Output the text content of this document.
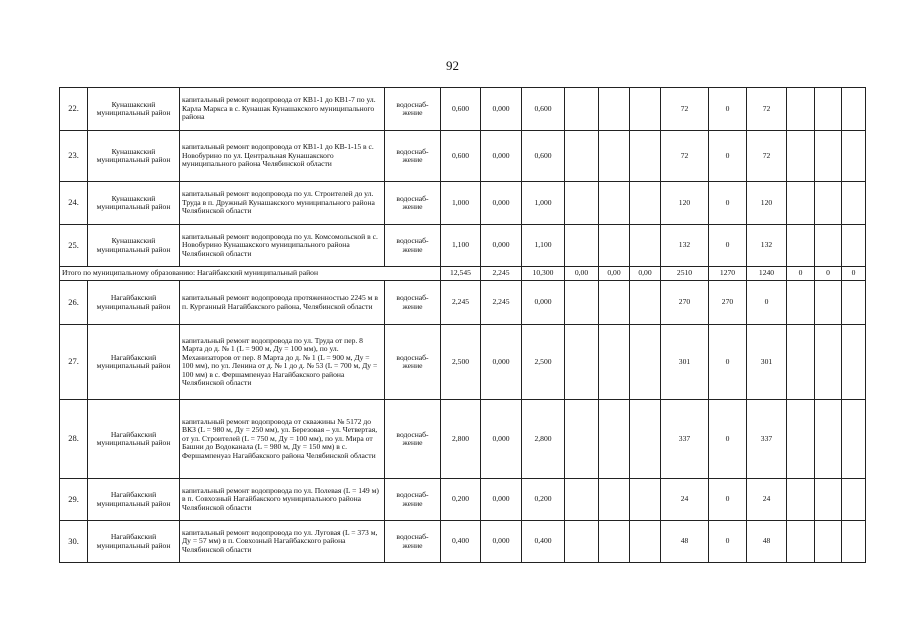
92
22.	Кунашакский муниципальный район	капитальный ремонт водопровода от КВ1-1 до КВ1-7 по ул. Карла Маркса в с. Кунашак Кунашакского муниципального района	водоснаб-жение	0,600	0,000	0,600				72	0	72			
23.	Кунашакский муниципальный район	капитальный ремонт водопровода от КВ1-1 до КВ-1-15 в с. Новобурино по ул. Центральная Кунашакского муниципального района Челябинской области	водоснаб-жение	0,600	0,000	0,600				72	0	72			
24.	Кунашакский муниципальный район	капитальный ремонт водопровода по ул. Строителей до ул. Труда в п. Дружный Кунашакского муниципального района Челябинской области	водоснаб-жение	1,000	0,000	1,000				120	0	120			
25.	Кунашакский муниципальный район	капитальный ремонт водопровода по ул. Комсомольской в с. Новобурино Кунашакского муниципального района Челябинской области	водоснаб-жение	1,100	0,000	1,100				132	0	132			
Итого по муниципальному образованию: Нагайбакский муниципальный район				12,545	2,245	10,300	0,00	0,00	0,00	2510	1270	1240	0	0	0
26.	Нагайбакский муниципальный район	капитальный ремонт водопровода протяженностью 2245 м в п. Курганный Нагайбакского района, Челябинской области	водоснаб-жение	2,245	2,245	0,000				270	270	0			
27.	Нагайбакский муниципальный район	капитальный ремонт водопровода по ул. Труда от пер. 8 Марта до д. № 1 (L = 900 м, Ду = 100 мм), по ул. Механизаторов от пер. 8 Марта до д. № 1 (L = 900 м, Ду = 100 мм), по ул. Ленина от д. № 1 до д. № 53 (L = 700 м, Ду = 100 мм) в с. Фершампенуаз Нагайбакского района Челябинской области	водоснаб-жение	2,500	0,000	2,500				301	0	301			
28.	Нагайбакский муниципальный район	капитальный ремонт водопровода от скважины № 5172 до ВКЗ (L = 980 м, Ду = 250 мм), ул. Березовая – ул. Четвертая, от ул. Строителей (L = 750 м, Ду = 100 мм), по ул. Мира от Башни до Водоканала (L = 980 м, Ду = 150 мм) в с. Фершампенуаз Нагайбакского района Челябинской области	водоснаб-жение	2,800	0,000	2,800				337	0	337			
29.	Нагайбакский муниципальный район	капитальный ремонт водопровода по ул. Полевая (L = 149 м) в п. Совхозный Нагайбакского муниципального района Челябинской области	водоснаб-жение	0,200	0,000	0,200				24	0	24			
30.	Нагайбакский муниципальный район	капитальный ремонт водопровода по ул. Луговая (L = 373 м, Ду = 57 мм) в п. Совхозный Нагайбакского района Челябинской области	водоснаб-жение	0,400	0,000	0,400				48	0	48			
